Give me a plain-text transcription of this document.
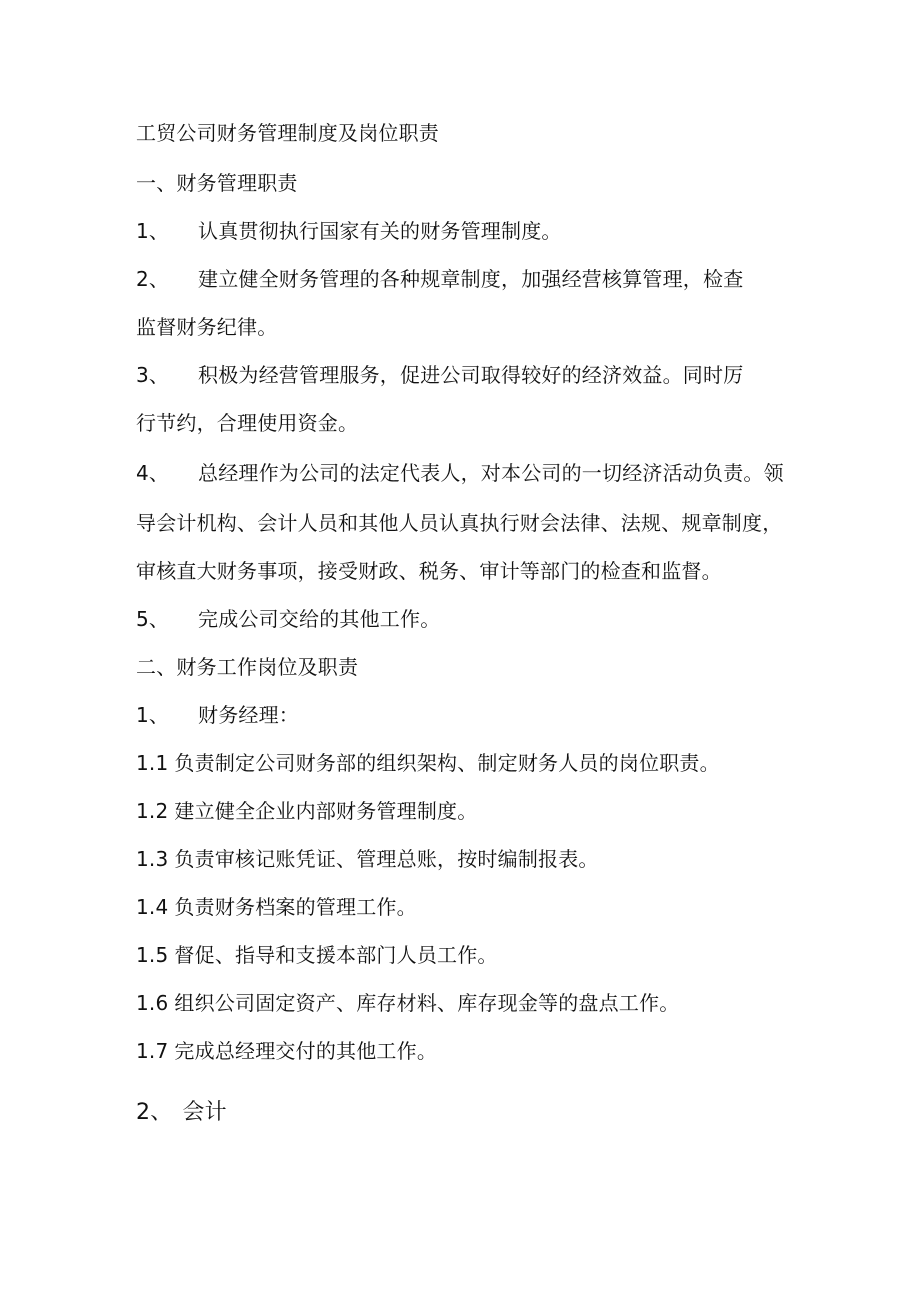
工贸公司财务管理制度及岗位职责
一、财务管理职责
1、 认真贯彻执行国家有关的财务管理制度。
2、 建立健全财务管理的各种规章制度，加强经营核算管理，检查
监督财务纪律。
3、 积极为经营管理服务，促进公司取得较好的经济效益。同时厉
行节约，合理使用资金。
4、 总经理作为公司的法定代表人，对本公司的一切经济活动负责。领
导会计机构、会计人员和其他人员认真执行财会法律、法规、规章制度，
审核直大财务事项，接受财政、税务、审计等部门的检查和监督。
5、 完成公司交给的其他工作。
二、财务工作岗位及职责
1、 财务经理：
1.1 负责制定公司财务部的组织架构、制定财务人员的岗位职责。
1.2 建立健全企业内部财务管理制度。
1.3 负责审核记账凭证、管理总账，按时编制报表。
1.4 负责财务档案的管理工作。
1.5 督促、指导和支援本部门人员工作。
1.6 组织公司固定资产、库存材料、库存现金等的盘点工作。
1.7 完成总经理交付的其他工作。
2、 会计
